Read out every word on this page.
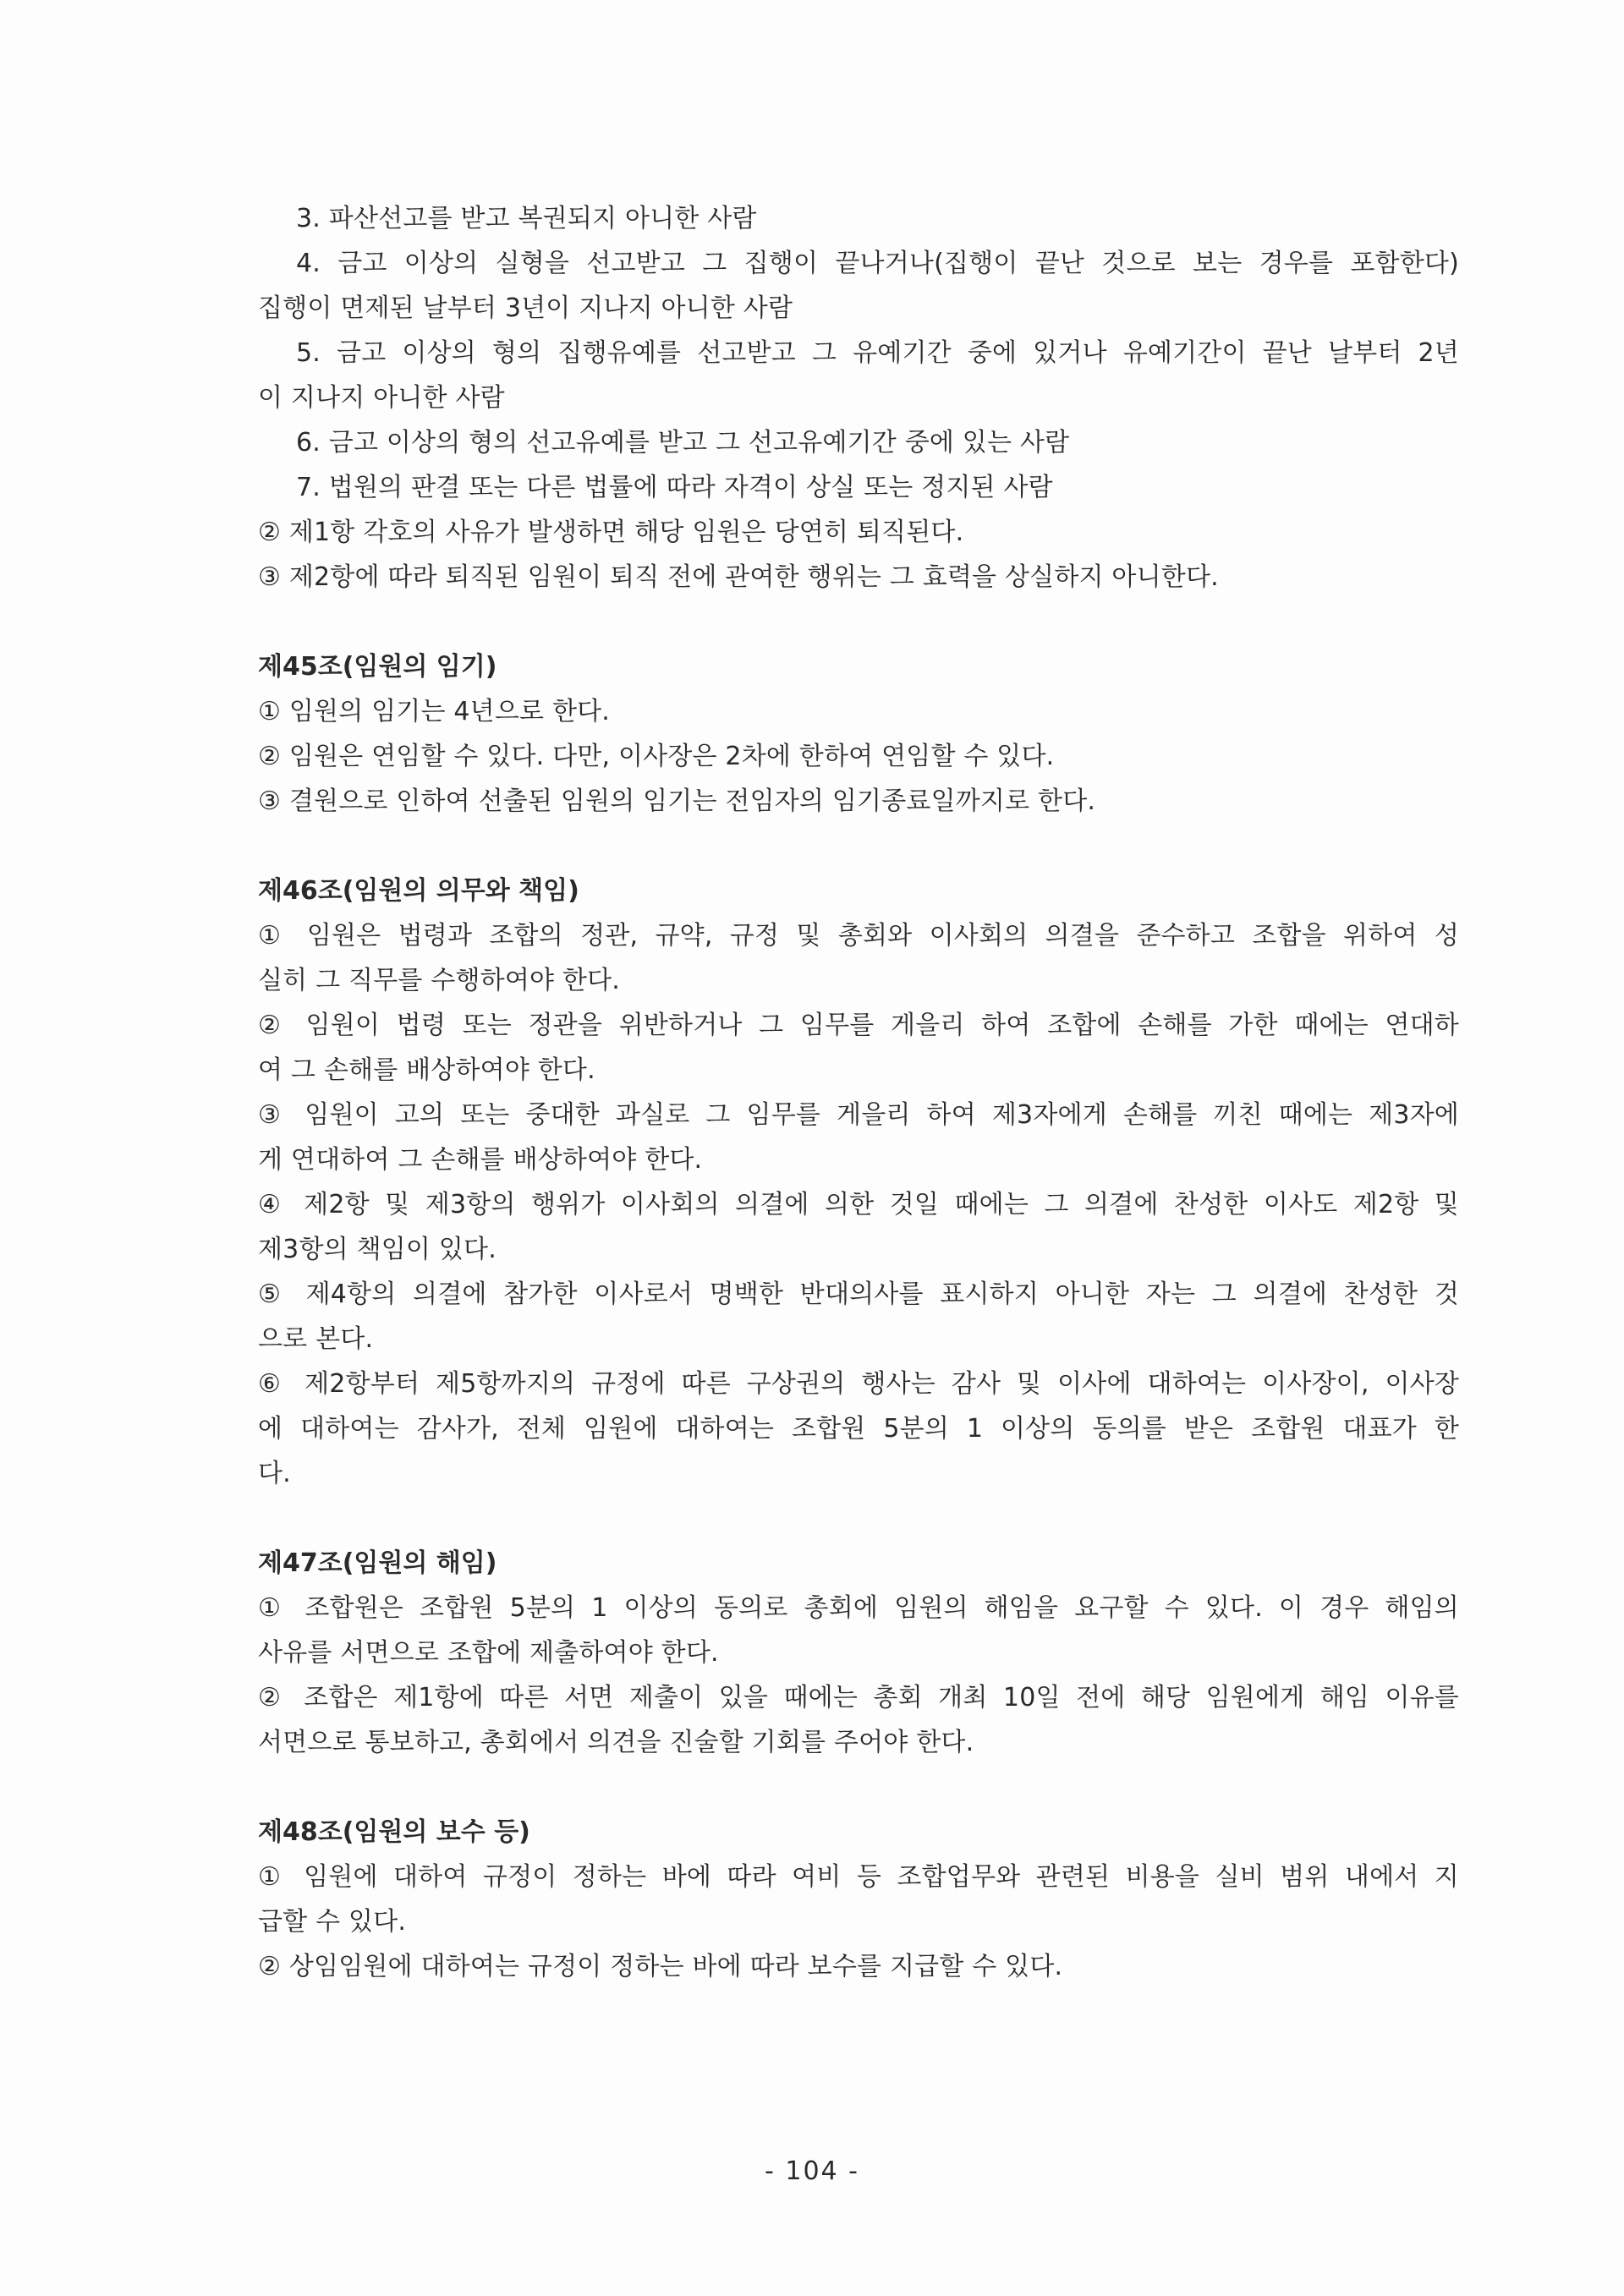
3. 파산선고를 받고 복권되지 아니한 사람
4. 금고 이상의 실형을 선고받고 그 집행이 끝나거나(집행이 끝난 것으로 보는 경우를 포함한다)
집행이 면제된 날부터 3년이 지나지 아니한 사람
5. 금고 이상의 형의 집행유예를 선고받고 그 유예기간 중에 있거나 유예기간이 끝난 날부터 2년
이 지나지 아니한 사람
6. 금고 이상의 형의 선고유예를 받고 그 선고유예기간 중에 있는 사람
7. 법원의 판결 또는 다른 법률에 따라 자격이 상실 또는 정지된 사람
② 제1항 각호의 사유가 발생하면 해당 임원은 당연히 퇴직된다.
③ 제2항에 따라 퇴직된 임원이 퇴직 전에 관여한 행위는 그 효력을 상실하지 아니한다.
제45조(임원의 임기)
① 임원의 임기는 4년으로 한다.
② 임원은 연임할 수 있다. 다만, 이사장은 2차에 한하여 연임할 수 있다.
③ 결원으로 인하여 선출된 임원의 임기는 전임자의 임기종료일까지로 한다.
제46조(임원의 의무와 책임)
① 임원은 법령과 조합의 정관, 규약, 규정 및 총회와 이사회의 의결을 준수하고 조합을 위하여 성
실히 그 직무를 수행하여야 한다.
② 임원이 법령 또는 정관을 위반하거나 그 임무를 게을리 하여 조합에 손해를 가한 때에는 연대하
여 그 손해를 배상하여야 한다.
③ 임원이 고의 또는 중대한 과실로 그 임무를 게을리 하여 제3자에게 손해를 끼친 때에는 제3자에
게 연대하여 그 손해를 배상하여야 한다.
④ 제2항 및 제3항의 행위가 이사회의 의결에 의한 것일 때에는 그 의결에 찬성한 이사도 제2항 및
제3항의 책임이 있다.
⑤ 제4항의 의결에 참가한 이사로서 명백한 반대의사를 표시하지 아니한 자는 그 의결에 찬성한 것
으로 본다.
⑥ 제2항부터 제5항까지의 규정에 따른 구상권의 행사는 감사 및 이사에 대하여는 이사장이, 이사장
에 대하여는 감사가, 전체 임원에 대하여는 조합원 5분의 1 이상의 동의를 받은 조합원 대표가 한
다.
제47조(임원의 해임)
① 조합원은 조합원 5분의 1 이상의 동의로 총회에 임원의 해임을 요구할 수 있다. 이 경우 해임의
사유를 서면으로 조합에 제출하여야 한다.
② 조합은 제1항에 따른 서면 제출이 있을 때에는 총회 개최 10일 전에 해당 임원에게 해임 이유를
서면으로 통보하고, 총회에서 의견을 진술할 기회를 주어야 한다.
제48조(임원의 보수 등)
① 임원에 대하여 규정이 정하는 바에 따라 여비 등 조합업무와 관련된 비용을 실비 범위 내에서 지
급할 수 있다.
② 상임임원에 대하여는 규정이 정하는 바에 따라 보수를 지급할 수 있다.
- 104 -
